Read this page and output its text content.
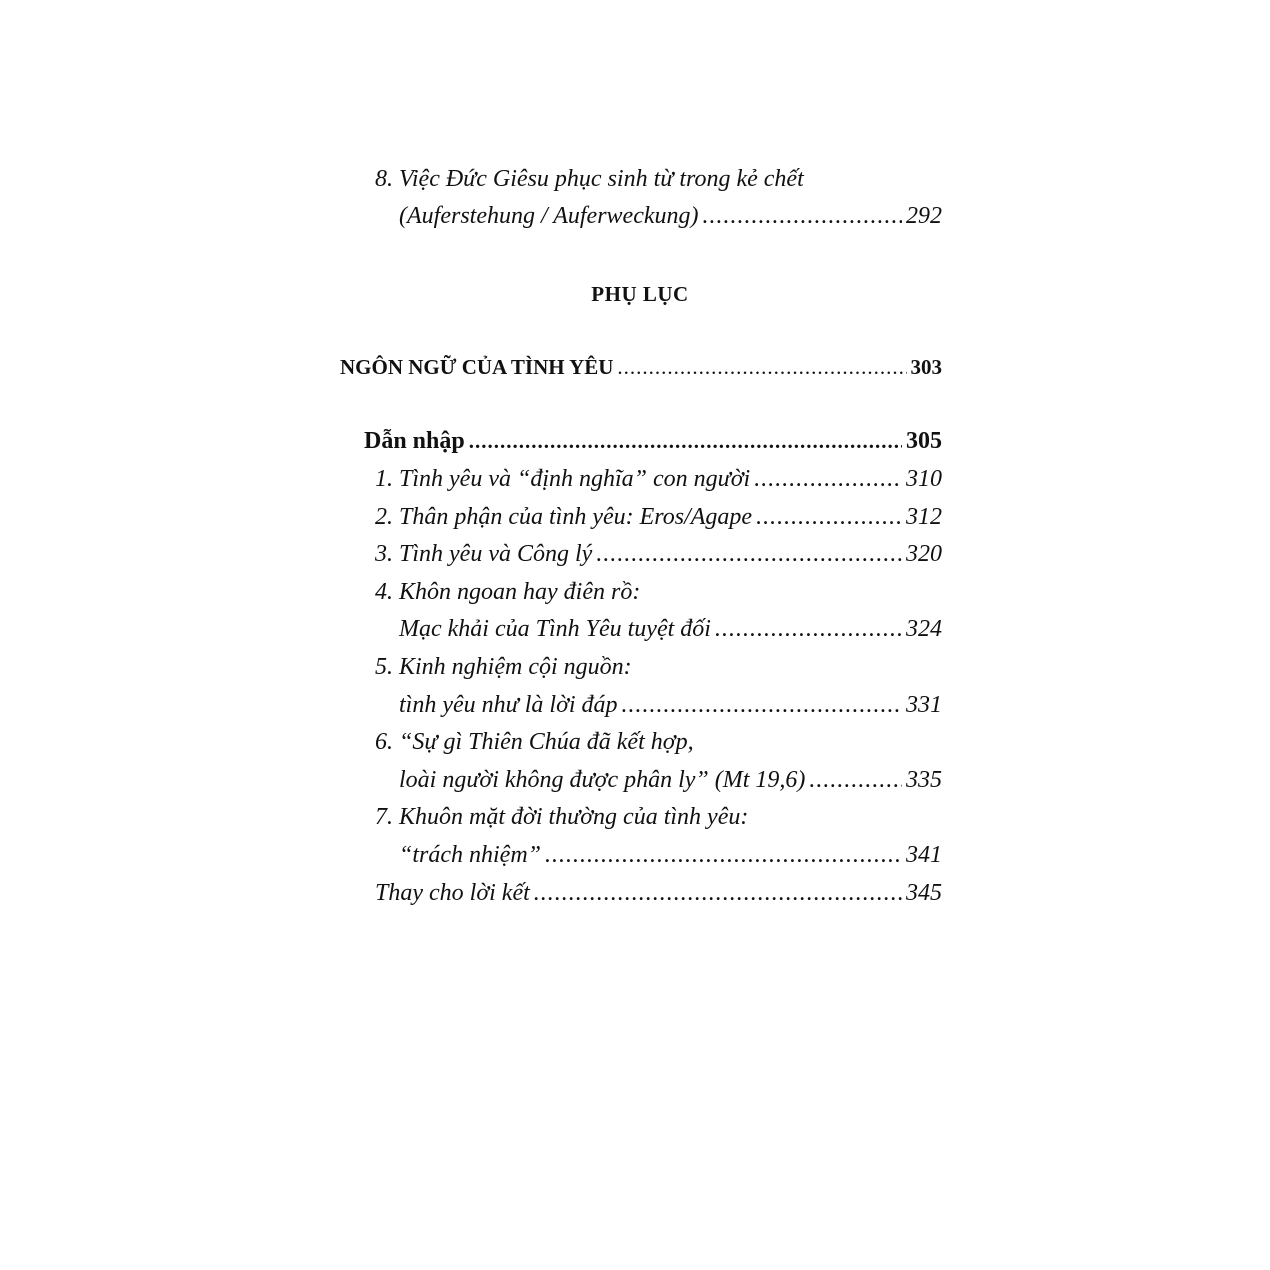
8. Việc Đức Giêsu phục sinh từ trong kẻ chết
(Auferstehung / Auferweckung) .....	292
PHỤ LỤC
NGÔN NGỮ CỦA TÌNH YÊU .....	303
Dẫn nhập .....	305
1. Tình yêu và “định nghĩa” con người .....	310
2. Thân phận của tình yêu: Eros/Agape .....	312
3. Tình yêu và Công lý .....	320
4. Khôn ngoan hay điên rồ:
Mạc khải của Tình Yêu tuyệt đối .....	324
5. Kinh nghiệm cội nguồn:
tình yêu như là lời đáp .....	331
6. “Sự gì Thiên Chúa đã kết hợp,
loài người không được phân ly” (Mt 19,6) .....	335
7. Khuôn mặt đời thường của tình yêu:
“trách nhiệm” .....	341
Thay cho lời kết .....	345
